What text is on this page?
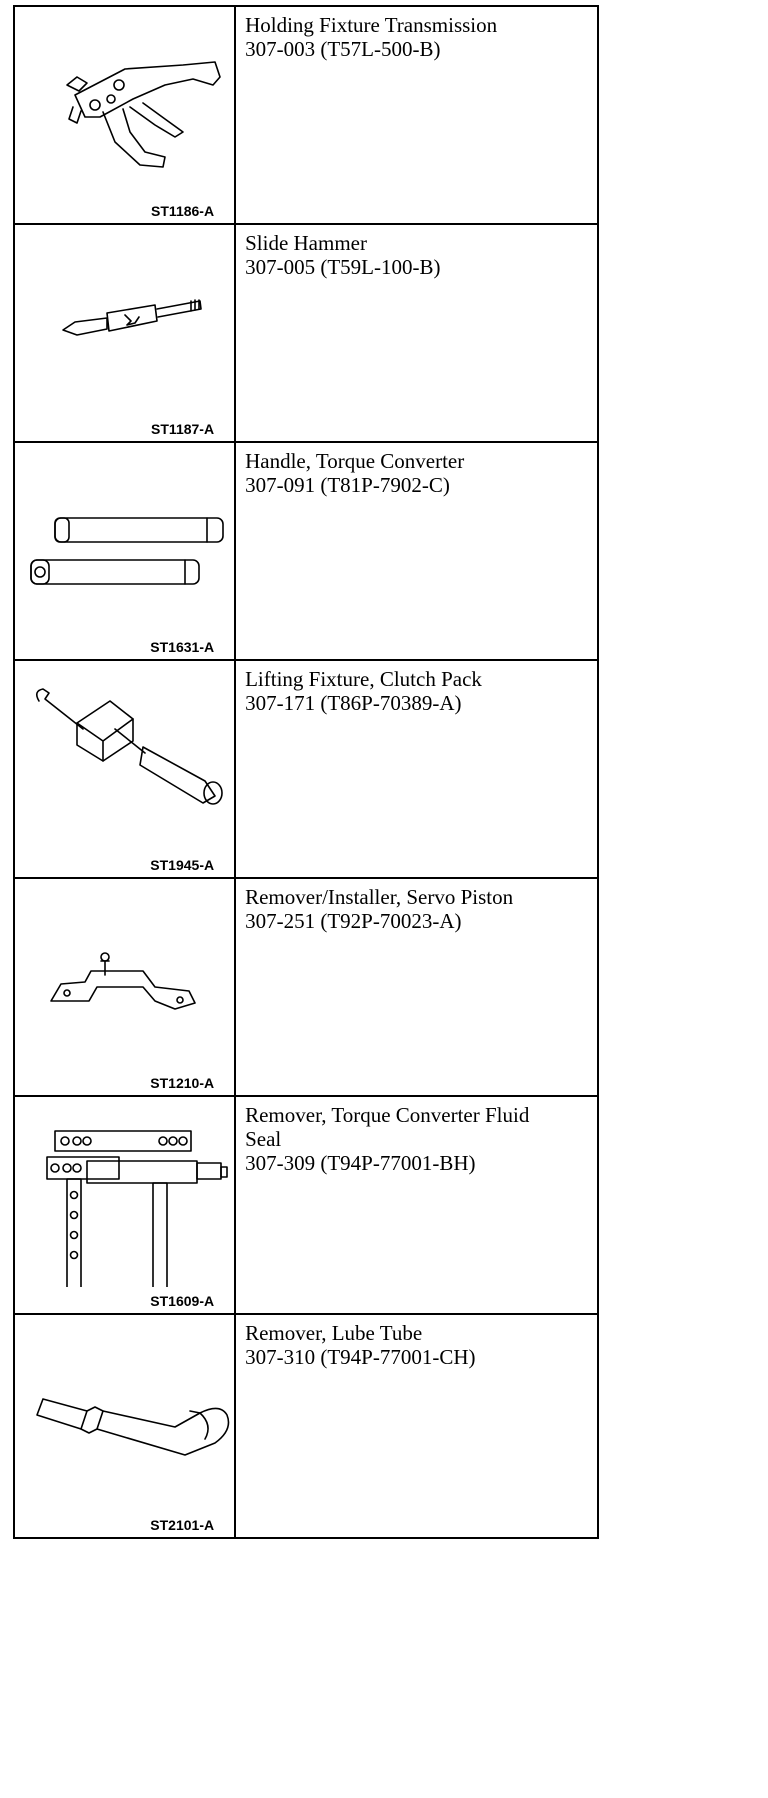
ST1186-A	Holding Fixture Transmission
307-003 (T57L-500-B)

ST1187-A	Slide Hammer
307-005 (T59L-100-B)

ST1631-A	Handle, Torque Converter
307-091 (T81P-7902-C)

ST1945-A	Lifting Fixture, Clutch Pack
307-171 (T86P-70389-A)

ST1210-A	Remover/Installer, Servo Piston
307-251 (T92P-70023-A)

ST1609-A	Remover, Torque Converter Fluid Seal
307-309 (T94P-77001-BH)

ST2101-A	Remover, Lube Tube
307-310 (T94P-77001-CH)
